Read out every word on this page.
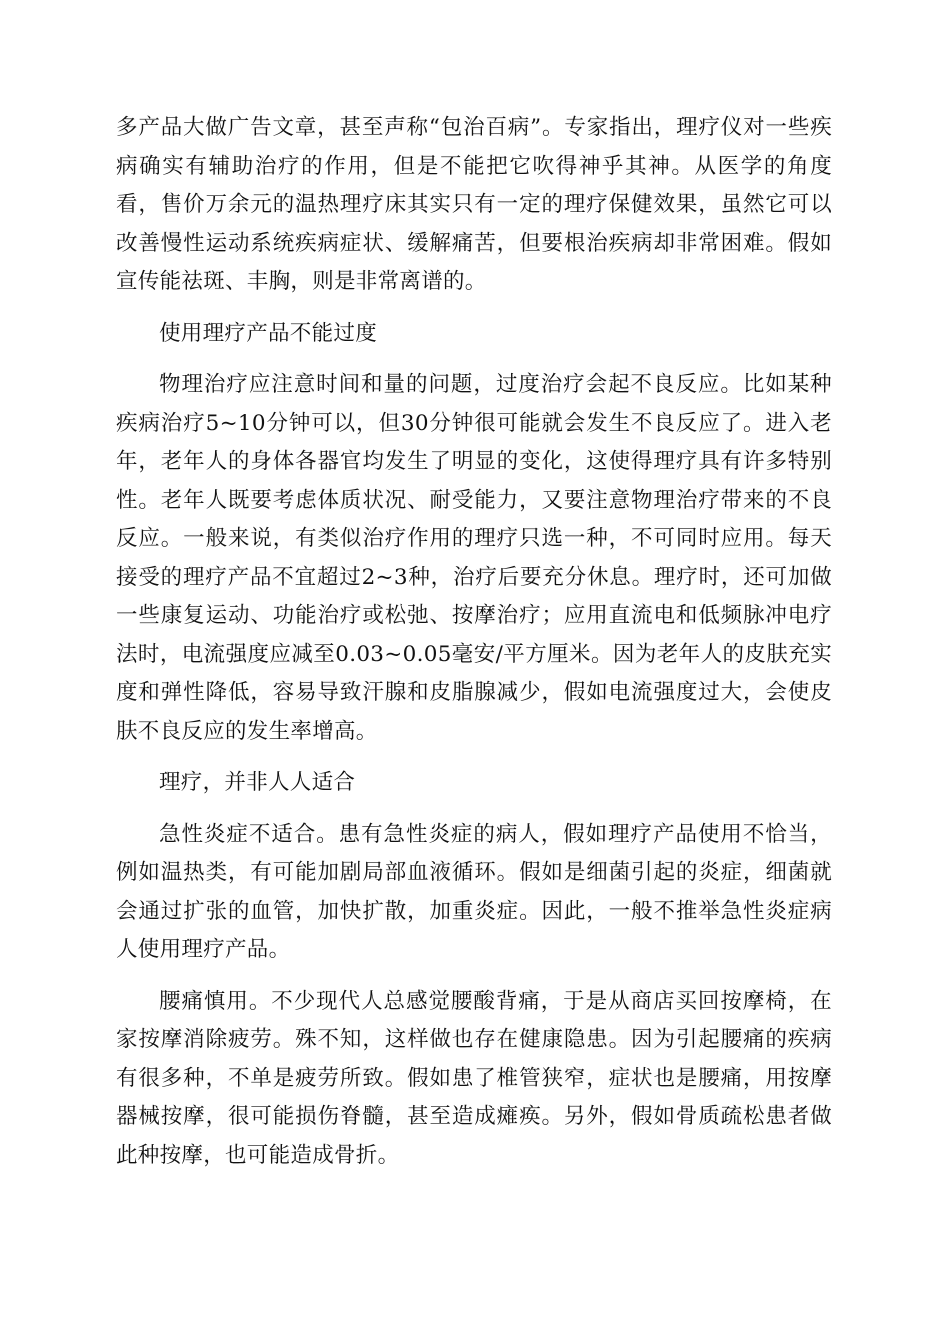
多产品大做广告文章，甚至声称“包治百病”。专家指出，理疗仪对一些疾病确实有辅助治疗的作用，但是不能把它吹得神乎其神。从医学的角度看，售价万余元的温热理疗床其实只有一定的理疗保健效果，虽然它可以改善慢性运动系统疾病症状、缓解痛苦，但要根治疾病却非常困难。假如宣传能祛斑、丰胸，则是非常离谱的。

使用理疗产品不能过度

物理治疗应注意时间和量的问题，过度治疗会起不良反应。比如某种疾病治疗5~10分钟可以，但30分钟很可能就会发生不良反应了。进入老年，老年人的身体各器官均发生了明显的变化，这使得理疗具有许多特别性。老年人既要考虑体质状况、耐受能力，又要注意物理治疗带来的不良反应。一般来说，有类似治疗作用的理疗只选一种，不可同时应用。每天接受的理疗产品不宜超过2~3种，治疗后要充分休息。理疗时，还可加做一些康复运动、功能治疗或松弛、按摩治疗；应用直流电和低频脉冲电疗法时，电流强度应减至0.03~0.05毫安/平方厘米。因为老年人的皮肤充实度和弹性降低，容易导致汗腺和皮脂腺减少，假如电流强度过大，会使皮肤不良反应的发生率增高。

理疗，并非人人适合

急性炎症不适合。患有急性炎症的病人，假如理疗产品使用不恰当，例如温热类，有可能加剧局部血液循环。假如是细菌引起的炎症，细菌就会通过扩张的血管，加快扩散，加重炎症。因此，一般不推举急性炎症病人使用理疗产品。

腰痛慎用。不少现代人总感觉腰酸背痛，于是从商店买回按摩椅，在家按摩消除疲劳。殊不知，这样做也存在健康隐患。因为引起腰痛的疾病有很多种，不单是疲劳所致。假如患了椎管狭窄，症状也是腰痛，用按摩器械按摩，很可能损伤脊髓，甚至造成瘫痪。另外，假如骨质疏松患者做此种按摩，也可能造成骨折。
